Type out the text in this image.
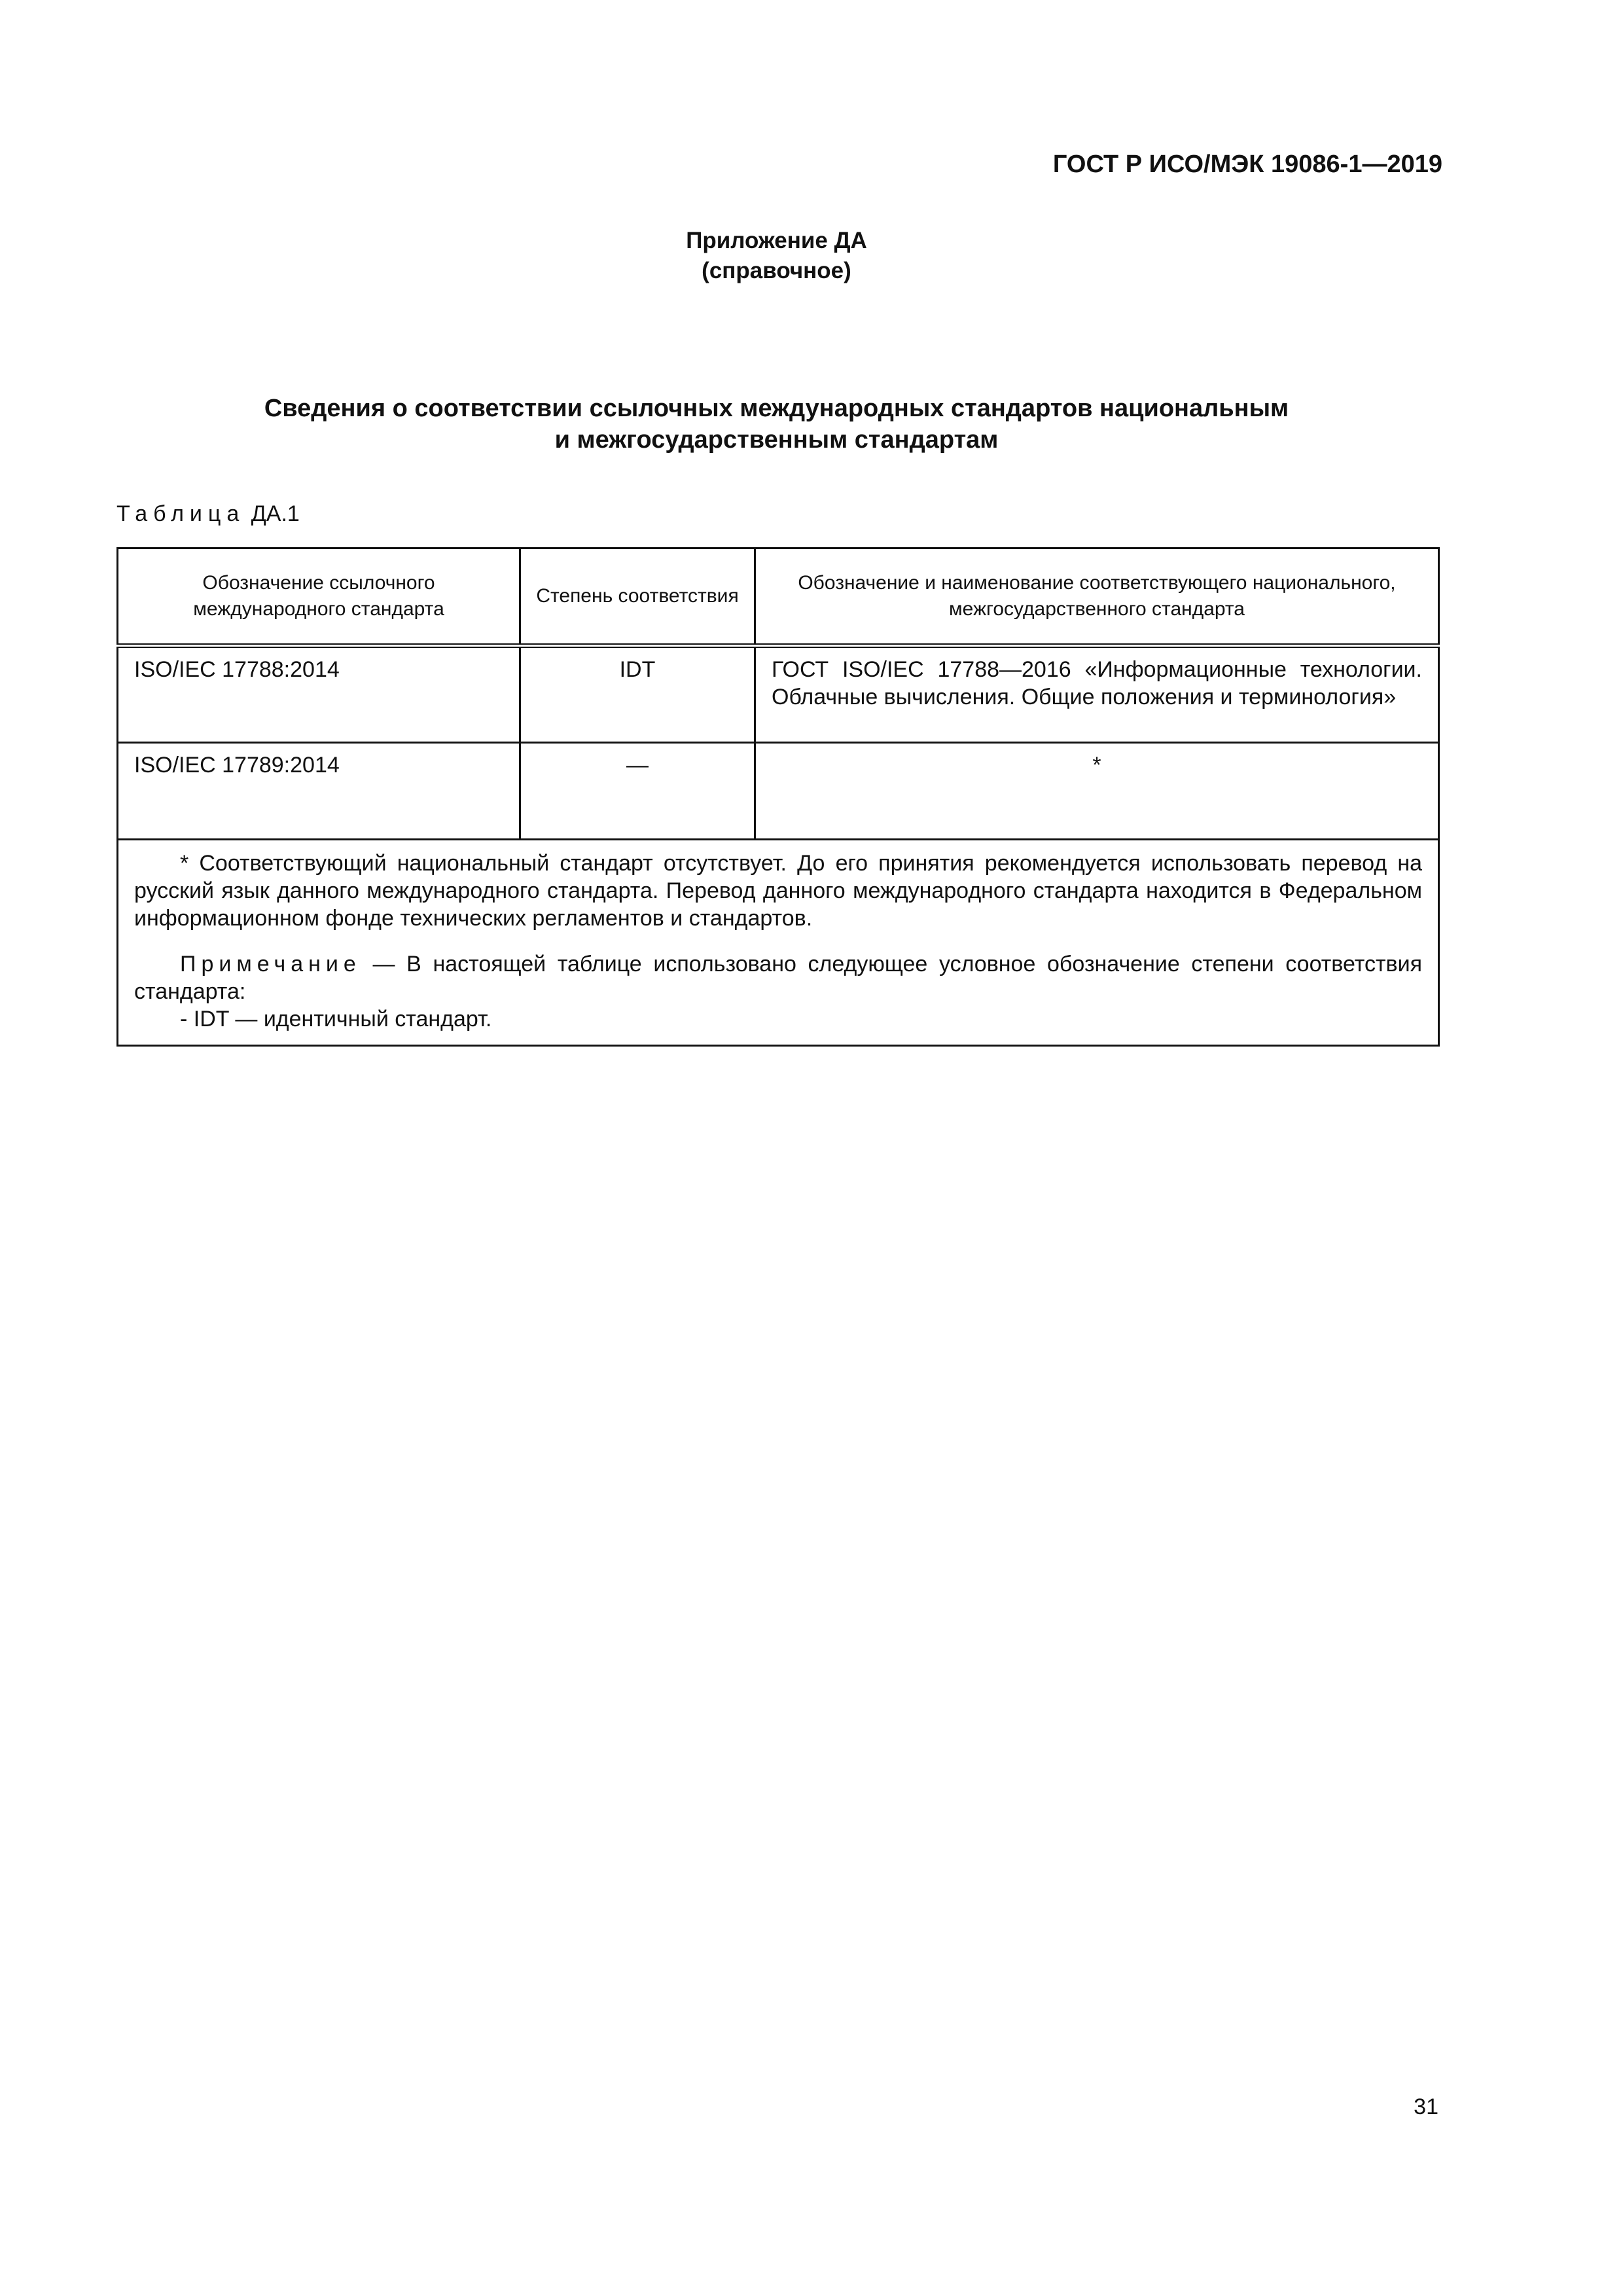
ГОСТ Р ИСО/МЭК 19086-1—2019
Приложение ДА
(справочное)
Сведения о соответствии ссылочных международных стандартов национальным
и межгосударственным стандартам
Таблица ДА.1
Обозначение ссылочного международного стандарта	Степень соответствия	Обозначение и наименование соответствующего национального, межгосударственного стандарта
ISO/IEC 17788:2014	IDT	ГОСТ ISO/IEC 17788—2016 «Информационные технологии. Облачные вычисления. Общие положения и терминология»
ISO/IEC 17789:2014	—	*

* Соответствующий национальный стандарт отсутствует. До его принятия рекомендуется использовать перевод на русский язык данного международного стандарта. Перевод данного международного стандарта находится в Федеральном информационном фонде технических регламентов и стандартов.

Примечание — В настоящей таблице использовано следующее условное обозначение степени соответствия стандарта:

- IDT — идентичный стандарт.		

31
